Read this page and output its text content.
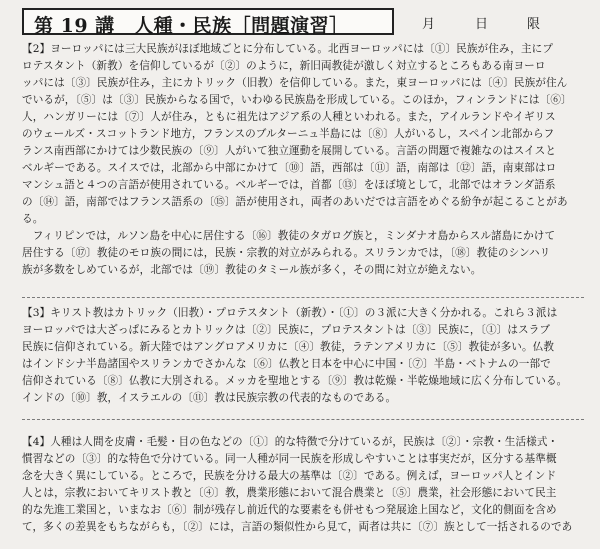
第 19 講　人種・民族［問題演習］	月	日	限
【2】ヨーロッパには三大民族がほぼ地域ごとに分布している。北西ヨーロッパには〔①〕民族が住み，主にプ
ロテスタント（新教）を信仰しているが〔②〕のように，新旧両教徒が激しく対立するところもある南ヨーロ
ッパには〔③〕民族が住み，主にカトリック（旧教）を信仰している。また，東ヨーロッパには〔④〕民族が住ん
でいるが，〔⑤〕は〔③〕民族からなる国で，いわゆる民族島を形成している。このほか，フィンランドには〔⑥〕
人，ハンガリーには〔⑦〕人が住み，ともに祖先はアジア系の人種といわれる。また，アイルランドやイギリス
のウェールズ・スコットランド地方，フランスのブルターニュ半島には〔⑧〕人がいるし，スペイン北部からフ
ランス南西部にかけては少数民族の〔⑨〕人がいて独立運動を展開している。言語の問題で複雑なのはスイスと
ベルギーである。スイスでは，北部から中部にかけて〔⑩〕語，西部は〔⑪〕語，南部は〔⑫〕語，南東部はロ
マンシュ語と４つの言語が使用されている。ベルギーでは，首都〔⑬〕をほぼ境として，北部ではオランダ語系
の〔⑭〕語，南部ではフランス語系の〔⑮〕語が使用され，両者のあいだでは言語をめぐる紛争が起こることがあ
る。
　フィリピンでは，ルソン島を中心に居住する〔⑯〕教徒のタガログ族と，ミンダナオ島からスル諸島にかけて
居住する〔⑰〕教徒のモロ族の間には，民族・宗教的対立がみられる。スリランカでは，〔⑱〕教徒のシンハリ
族が多数をしめているが，北部では〔⑲〕教徒のタミール族が多く，その間に対立が絶えない。
【3】キリスト教はカトリック（旧教）・プロテスタント（新教）・〔①〕の３派に大きく分かれる。これら３派は
ヨーロッパでは大ざっぱにみるとカトリックは〔②〕民族に，プロテスタントは〔③〕民族に，〔①〕はスラブ
民族に信仰されている。新大陸ではアングロアメリカに〔④〕教徒，ラテンアメリカに〔⑤〕教徒が多い。仏教
はインドシナ半島諸国やスリランカでさかんな〔⑥〕仏教と日本を中心に中国・〔⑦〕半島・ベトナムの一部で
信仰されている〔⑧〕仏教に大別される。メッカを聖地とする〔⑨〕教は乾燥・半乾燥地域に広く分布している。
インドの〔⑩〕教，イスラエルの〔⑪〕教は民族宗教の代表的なものである。
【4】人種は人間を皮膚・毛髪・目の色などの〔①〕的な特徴で分けているが，民族は〔②〕・宗教・生活様式・
慣習などの〔③〕的な特色で分けている。同一人種が同一民族を形成しやすいことは事実だが，区分する基準概
念を大きく異にしている。ところで，民族を分ける最大の基準は〔②〕である。例えば，ヨーロッパ人とインド
人とは，宗教においてキリスト教と〔④〕教，農業形態において混合農業と〔⑤〕農業，社会形態において民主
的な先進工業国と，いまなお〔⑥〕制が残存し前近代的な要素をも併せもつ発展途上国など，文化的側面を含め
て，多くの差異をもちながらも，〔②〕には，言語の類似性から見て，両者は共に〔⑦〕族として一括されるのであ
